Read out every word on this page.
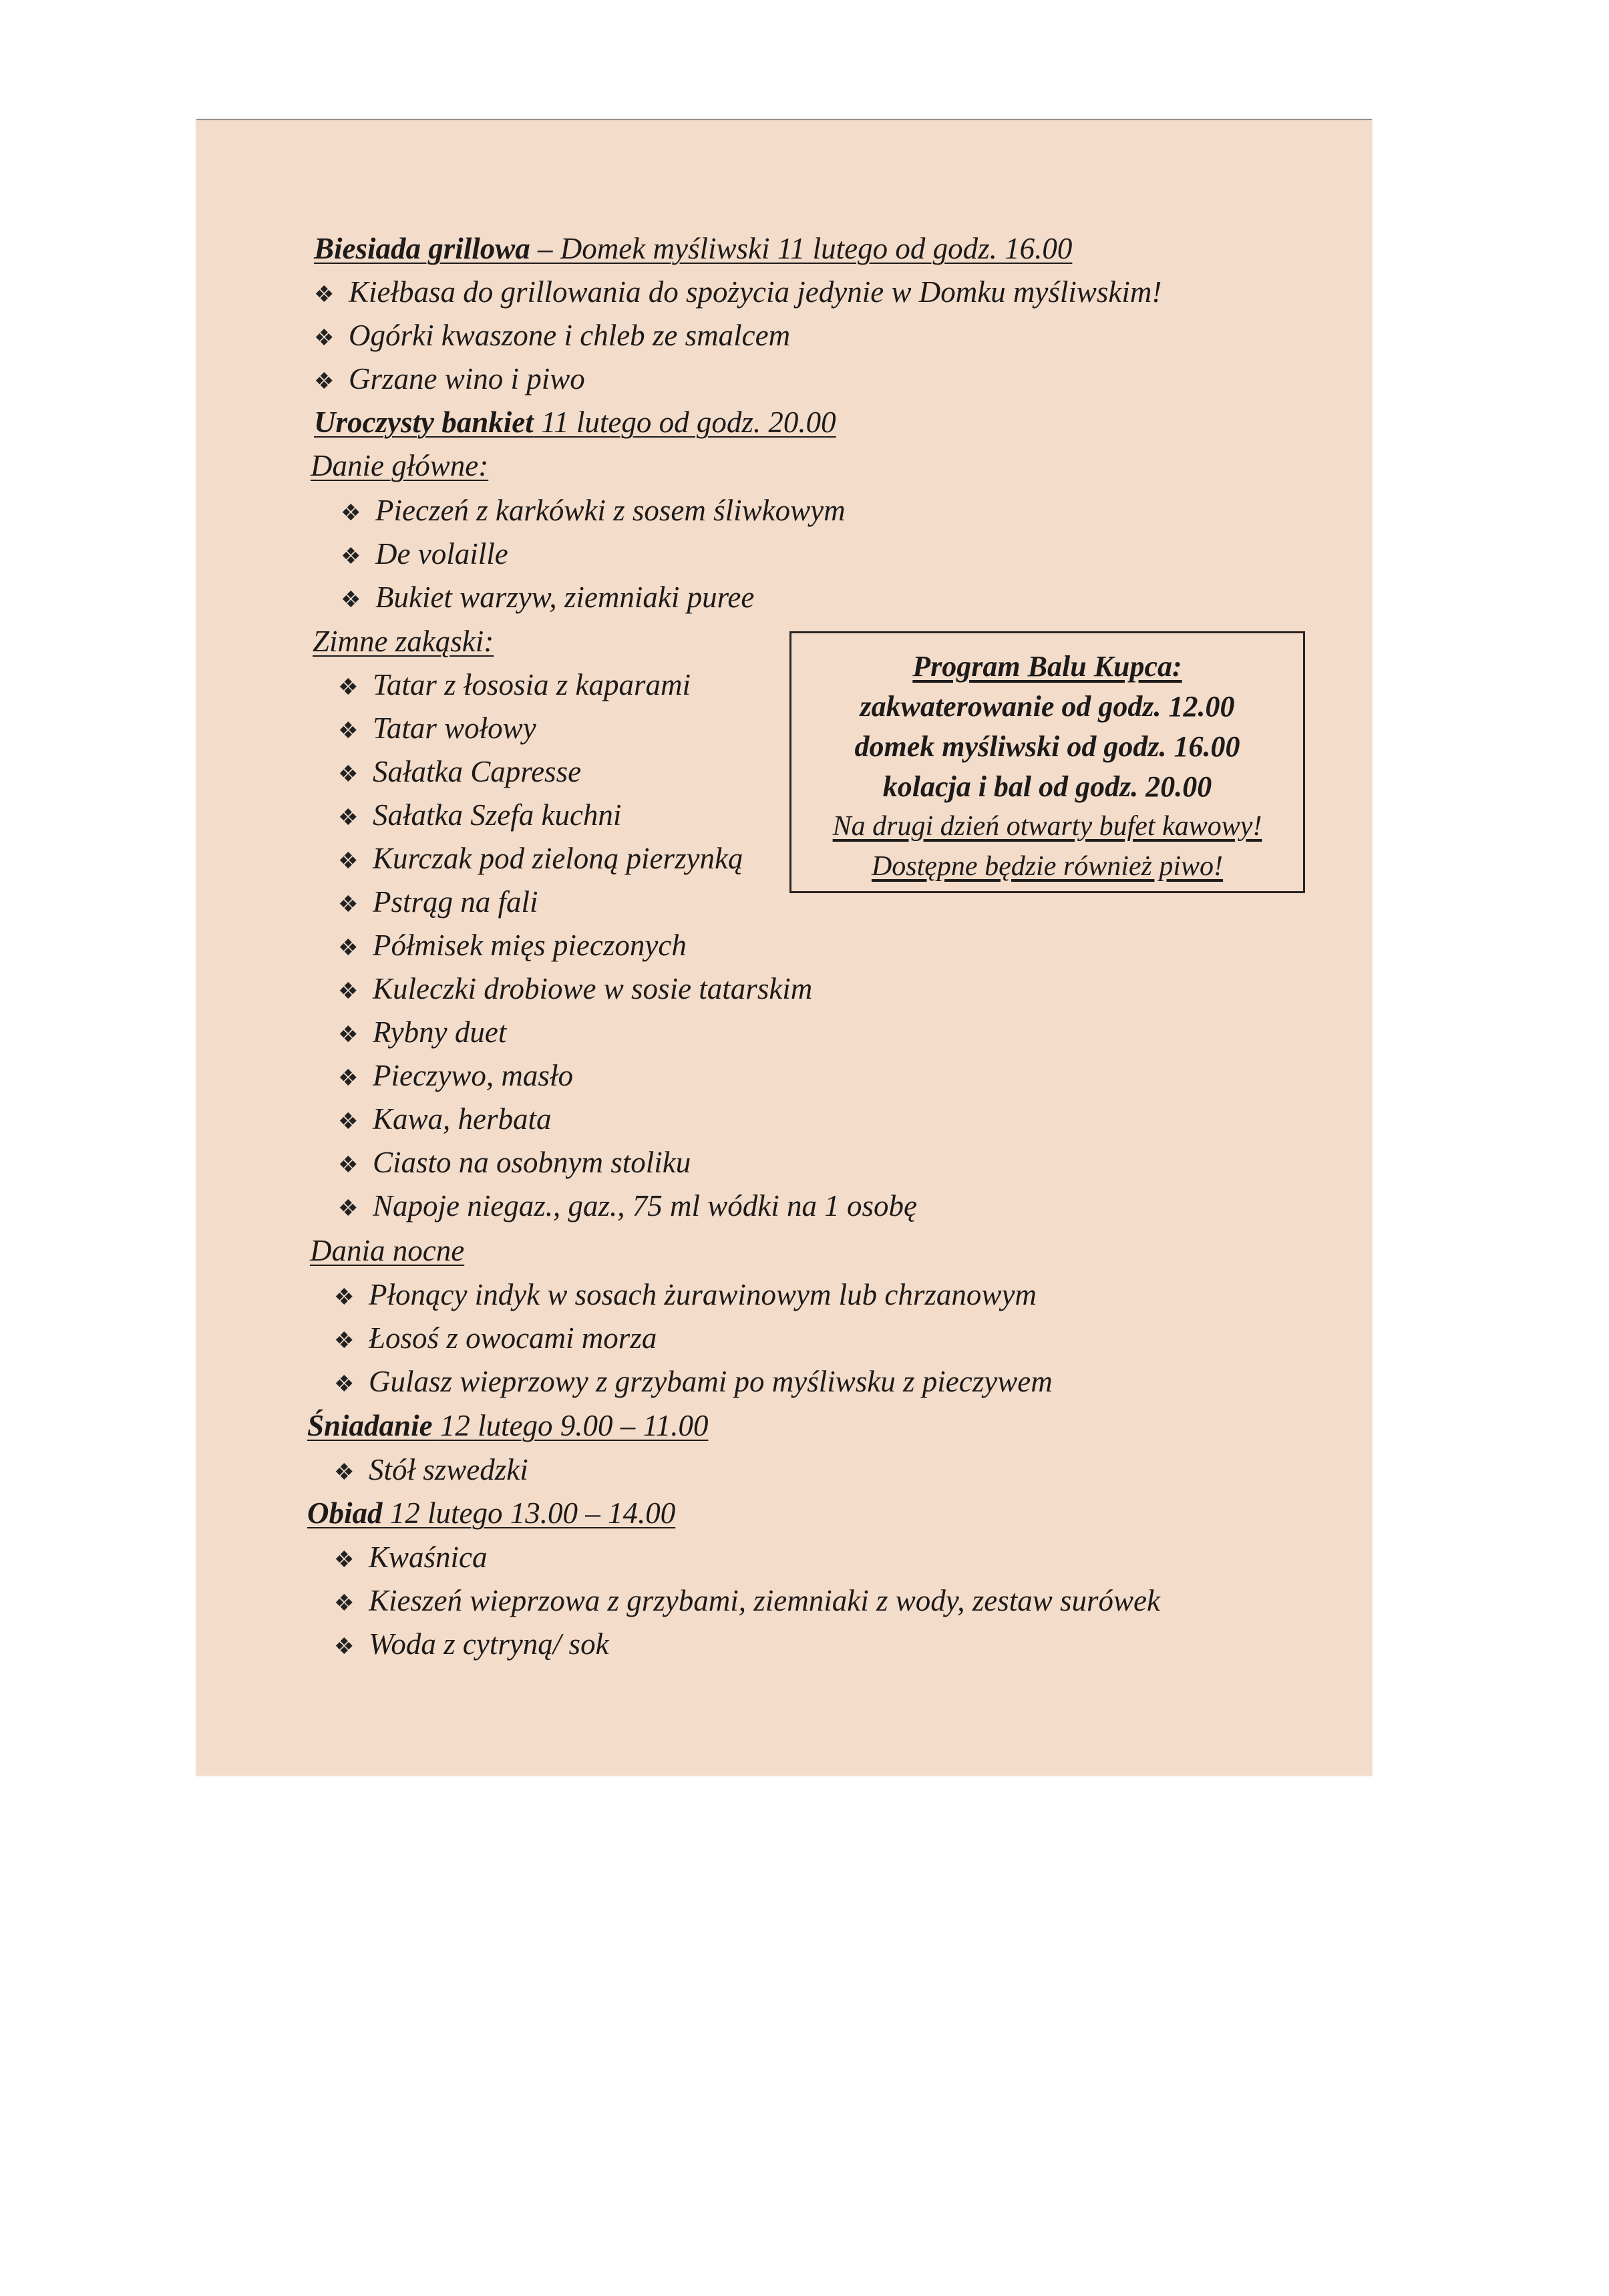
Biesiada grillowa – Domek myśliwski 11 lutego od godz. 16.00
❖ Kiełbasa do grillowania do spożycia jedynie w Domku myśliwskim!
❖ Ogórki kwaszone i chleb ze smalcem
❖ Grzane wino i piwo
Uroczysty bankiet 11 lutego od godz. 20.00
Danie główne:
❖ Pieczeń z karkówki z sosem śliwkowym
❖ De volaille
❖ Bukiet warzyw, ziemniaki puree
Zimne zakąski:
❖ Tatar z łososia z kaparami
❖ Tatar wołowy
❖ Sałatka Capresse
❖ Sałatka Szefa kuchni
❖ Kurczak pod zieloną pierzynką
❖ Pstrąg na fali
❖ Półmisek mięs pieczonych
❖ Kuleczki drobiowe w sosie tatarskim
❖ Rybny duet
❖ Pieczywo, masło
❖ Kawa, herbata
❖ Ciasto na osobnym stoliku
❖ Napoje niegaz., gaz., 75 ml wódki na 1 osobę
Dania nocne
❖ Płonący indyk w sosach żurawinowym lub chrzanowym
❖ Łosoś z owocami morza
❖ Gulasz wieprzowy z grzybami po myśliwsku z pieczywem
Śniadanie 12 lutego 9.00 – 11.00
❖ Stół szwedzki
Obiad 12 lutego 13.00 – 14.00
❖ Kwaśnica
❖ Kieszeń wieprzowa z grzybami, ziemniaki z wody, zestaw surówek
❖ Woda z cytryną/ sok
Program Balu Kupca:
zakwaterowanie od godz. 12.00
domek myśliwski od godz. 16.00
kolacja i bal od godz. 20.00
Na drugi dzień otwarty bufet kawowy!
Dostępne będzie również piwo!
